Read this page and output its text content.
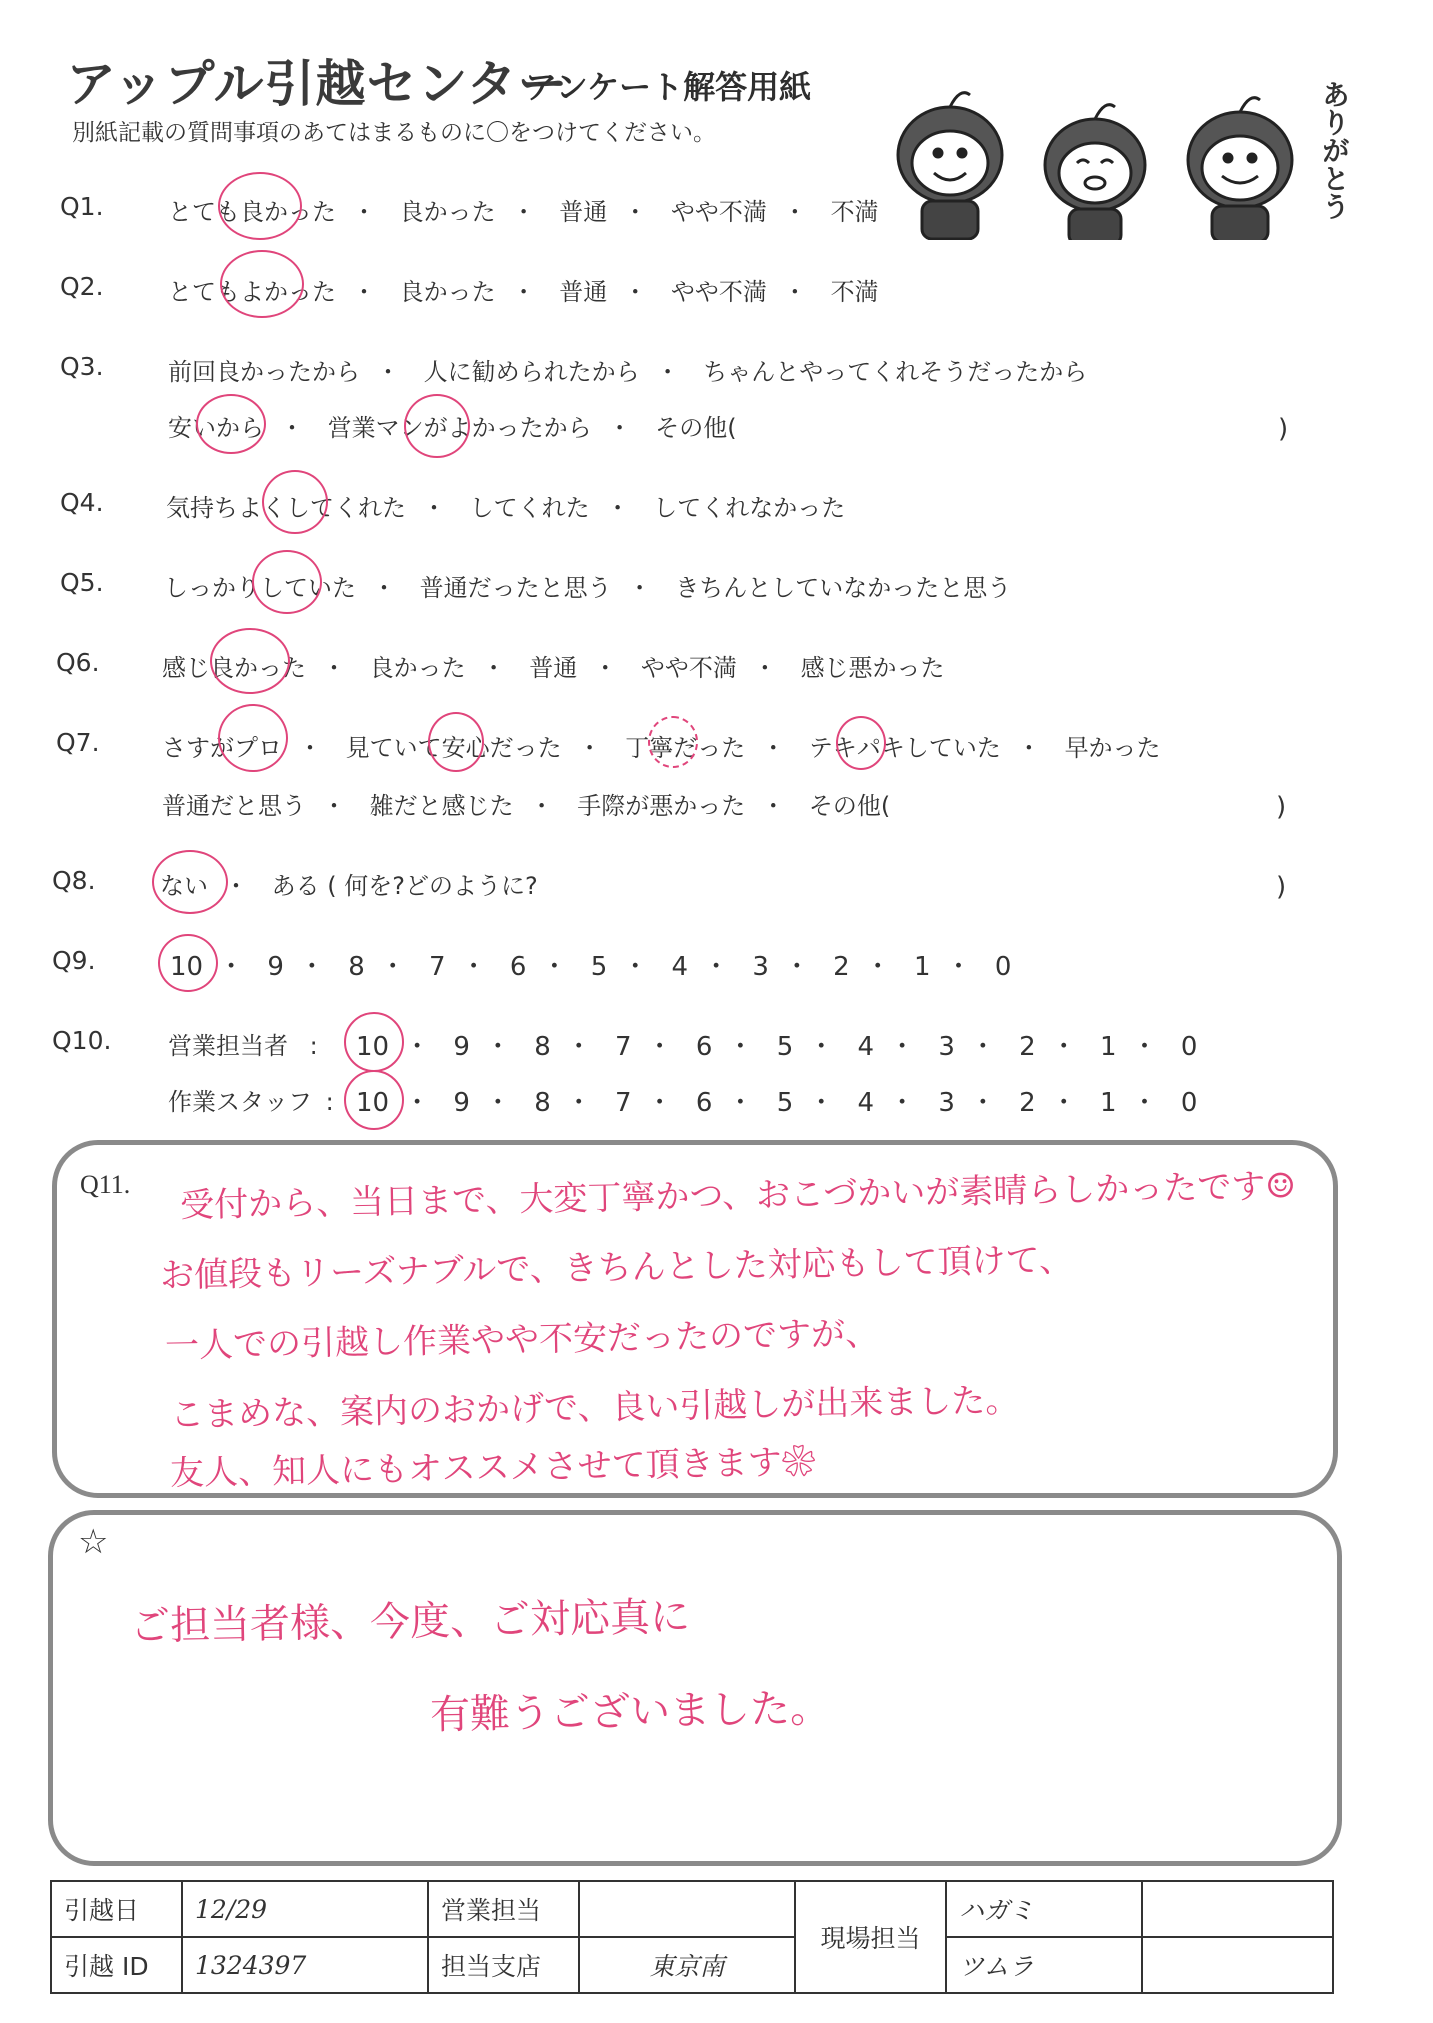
アップル引越センター
アンケート解答用紙
別紙記載の質問事項のあてはまるものに〇をつけてください。	ありがとう
Q1.	とても良かった ・ 良かった ・ 普通 ・ やや不満 ・ 不満
Q2.	とてもよかった ・ 良かった ・ 普通 ・ やや不満 ・ 不満
Q3.	前回良かったから ・ 人に勧められたから ・ ちゃんとやってくれそうだったから
安いから ・ 営業マンがよかったから ・ その他(	)
Q4.	気持ちよくしてくれた ・ してくれた ・ してくれなかった
Q5.	しっかりしていた ・ 普通だったと思う ・ きちんとしていなかったと思う
Q6.	感じ良かった ・ 良かった ・ 普通 ・ やや不満 ・ 感じ悪かった
Q7.	さすがプロ ・ 見ていて安心だった ・ 丁寧だった ・ テキパキしていた ・ 早かった
普通だと思う ・ 雑だと感じた ・ 手際が悪かった ・ その他(	)
Q8.	ない ・ ある ( 何を?どのように?	)
Q9.	10 ・ 9 ・ 8 ・ 7 ・ 6 ・ 5 ・ 4 ・ 3 ・ 2 ・ 1 ・ 0
Q10. 営業担当者 : 10 ・ 9 ・ 8 ・ 7 ・ 6 ・ 5 ・ 4 ・ 3 ・ 2 ・ 1 ・ 0
作業スタッフ : 10 ・ 9 ・ 8 ・ 7 ・ 6 ・ 5 ・ 4 ・ 3 ・ 2 ・ 1 ・ 0
Q11. 受付から、当日まで、大変丁寧かつ、おこづかいが素晴らしかったです☺
お値段もリーズナブルで、きちんとした対応もして頂けて、
一人での引越し作業やや不安だったのですが、
こまめな、案内のおかげで、良い引越しが出来ました。
友人、知人にもオススメさせて頂きます❀
☆
ご担当者様、今度、ご対応真に
有難うございました。
引越日	12/29	営業担当		現場担当	ハガミ	
引越 ID	1324397	担当支店	東京南		ツムラ	
